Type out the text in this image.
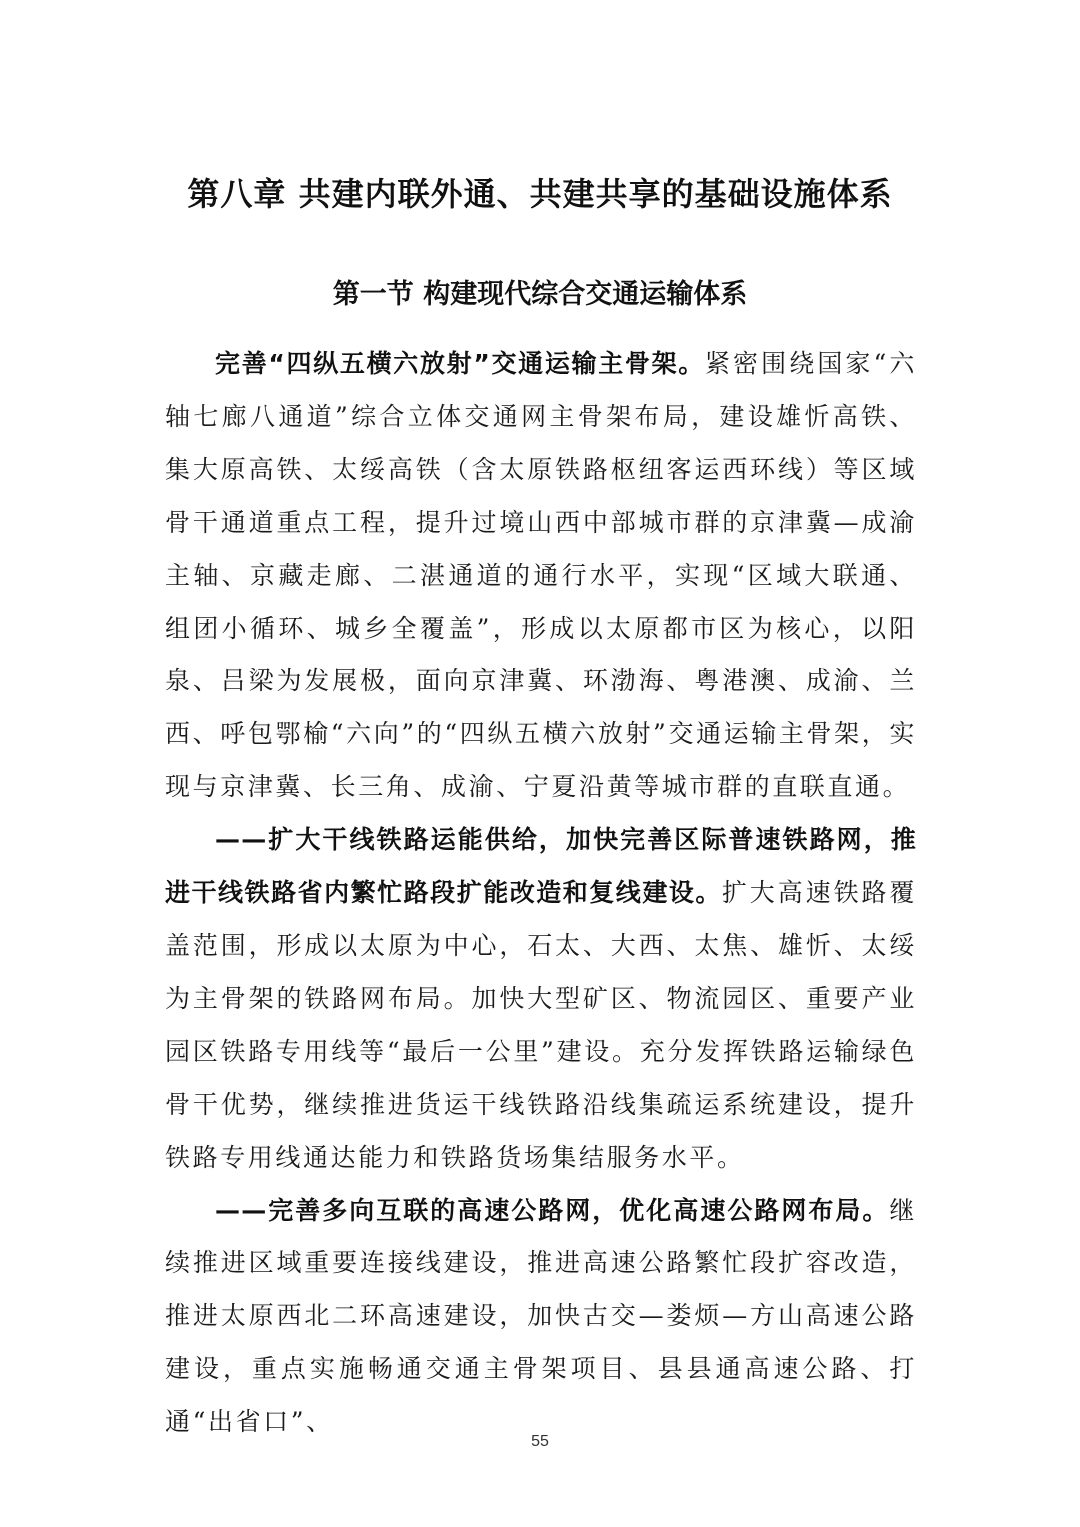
第八章 共建内联外通、共建共享的基础设施体系
第一节 构建现代综合交通运输体系

完善“四纵五横六放射”交通运输主骨架。紧密围绕国家“六轴七廊八通道”综合立体交通网主骨架布局，建设雄忻高铁、集大原高铁、太绥高铁（含太原铁路枢纽客运西环线）等区域骨干通道重点工程，提升过境山西中部城市群的京津冀—成渝主轴、京藏走廊、二湛通道的通行水平，实现“区域大联通、组团小循环、城乡全覆盖”，形成以太原都市区为核心，以阳泉、吕梁为发展极，面向京津冀、环渤海、粤港澳、成渝、兰西、呼包鄂榆“六向”的“四纵五横六放射”交通运输主骨架，实现与京津冀、长三角、成渝、宁夏沿黄等城市群的直联直通。

——扩大干线铁路运能供给，加快完善区际普速铁路网，推进干线铁路省内繁忙路段扩能改造和复线建设。扩大高速铁路覆盖范围，形成以太原为中心，石太、大西、太焦、雄忻、太绥为主骨架的铁路网布局。加快大型矿区、物流园区、重要产业园区铁路专用线等“最后一公里”建设。充分发挥铁路运输绿色骨干优势，继续推进货运干线铁路沿线集疏运系统建设，提升铁路专用线通达能力和铁路货场集结服务水平。

——完善多向互联的高速公路网，优化高速公路网布局。继续推进区域重要连接线建设，推进高速公路繁忙段扩容改造，推进太原西北二环高速建设，加快古交—娄烦—方山高速公路建设，重点实施畅通交通主骨架项目、县县通高速公路、打通“出省口”、

55
